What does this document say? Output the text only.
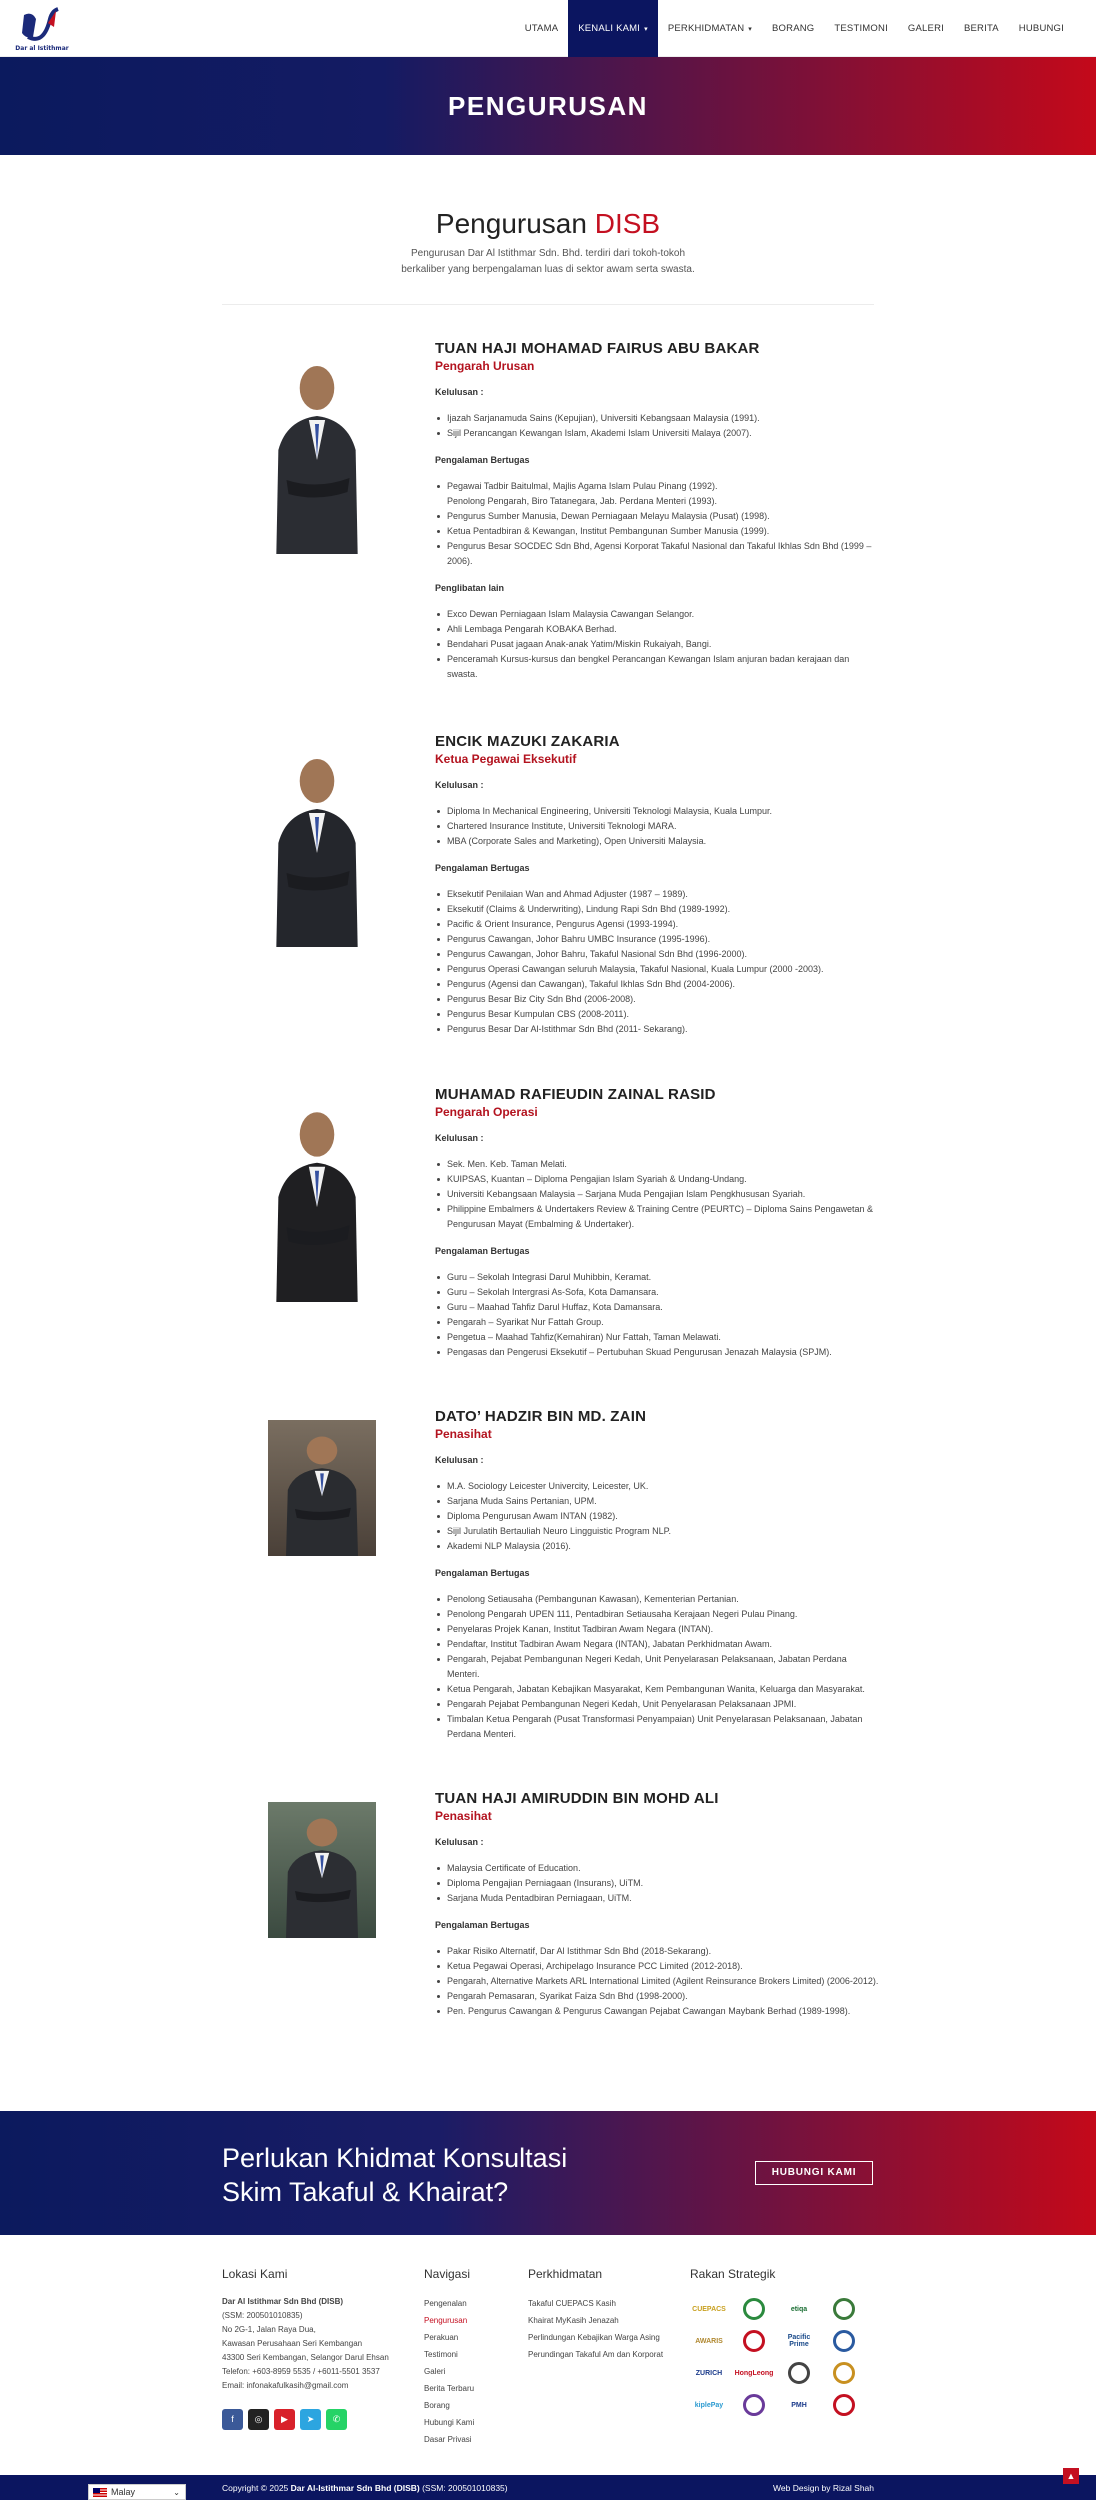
Dar al Istithmar
UTAMA KENALI KAMI ▾ PERKHIDMATAN ▾ BORANG TESTIMONI GALERI BERITA HUBUNGI
PENGURUSAN
Pengurusan DISB
Pengurusan Dar Al Istithmar Sdn. Bhd. terdiri dari tokoh-tokoh berkaliber yang berpengalaman luas di sektor awam serta swasta.
TUAN HAJI MOHAMAD FAIRUS ABU BAKAR
Pengarah Urusan
Kelulusan :
Ijazah Sarjanamuda Sains (Kepujian), Universiti Kebangsaan Malaysia (1991).
Sijil Perancangan Kewangan Islam, Akademi Islam Universiti Malaya (2007).
Pengalaman Bertugas
Pegawai Tadbir Baitulmal, Majlis Agama Islam Pulau Pinang (1992).
Penolong Pengarah, Biro Tatanegara, Jab. Perdana Menteri (1993).
Pengurus Sumber Manusia, Dewan Perniagaan Melayu Malaysia (Pusat) (1998).
Ketua Pentadbiran & Kewangan, Institut Pembangunan Sumber Manusia (1999).
Pengurus Besar SOCDEC Sdn Bhd, Agensi Korporat Takaful Nasional dan Takaful Ikhlas Sdn Bhd (1999 – 2006).
Penglibatan lain
Exco Dewan Perniagaan Islam Malaysia Cawangan Selangor.
Ahli Lembaga Pengarah KOBAKA Berhad.
Bendahari Pusat jagaan Anak-anak Yatim/Miskin Rukaiyah, Bangi.
Penceramah Kursus-kursus dan bengkel Perancangan Kewangan Islam anjuran badan kerajaan dan swasta.
ENCIK MAZUKI ZAKARIA
Ketua Pegawai Eksekutif
Kelulusan :
Diploma In Mechanical Engineering, Universiti Teknologi Malaysia, Kuala Lumpur.
Chartered Insurance Institute, Universiti Teknologi MARA.
MBA (Corporate Sales and Marketing), Open Universiti Malaysia.
Pengalaman Bertugas
Eksekutif Penilaian Wan and Ahmad Adjuster (1987 – 1989).
Eksekutif (Claims & Underwriting), Lindung Rapi Sdn Bhd (1989-1992).
Pacific & Orient Insurance, Pengurus Agensi (1993-1994).
Pengurus Cawangan, Johor Bahru UMBC Insurance (1995-1996).
Pengurus Cawangan, Johor Bahru, Takaful Nasional Sdn Bhd (1996-2000).
Pengurus Operasi Cawangan seluruh Malaysia, Takaful Nasional, Kuala Lumpur (2000 -2003).
Pengurus (Agensi dan Cawangan), Takaful Ikhlas Sdn Bhd (2004-2006).
Pengurus Besar Biz City Sdn Bhd (2006-2008).
Pengurus Besar Kumpulan CBS (2008-2011).
Pengurus Besar Dar Al-Istithmar Sdn Bhd (2011- Sekarang).
MUHAMAD RAFIEUDIN ZAINAL RASID
Pengarah Operasi
Kelulusan :
Sek. Men. Keb. Taman Melati.
KUIPSAS, Kuantan – Diploma Pengajian Islam Syariah & Undang-Undang.
Universiti Kebangsaan Malaysia – Sarjana Muda Pengajian Islam Pengkhususan Syariah.
Philippine Embalmers & Undertakers Review & Training Centre (PEURTC) – Diploma Sains Pengawetan & Pengurusan Mayat (Embalming & Undertaker).
Pengalaman Bertugas
Guru – Sekolah Integrasi Darul Muhibbin, Keramat.
Guru – Sekolah Intergrasi As-Sofa, Kota Damansara.
Guru – Maahad Tahfiz Darul Huffaz, Kota Damansara.
Pengarah – Syarikat Nur Fattah Group.
Pengetua – Maahad Tahfiz(Kemahiran) Nur Fattah, Taman Melawati.
Pengasas dan Pengerusi Eksekutif – Pertubuhan Skuad Pengurusan Jenazah Malaysia (SPJM).
DATO’ HADZIR BIN MD. ZAIN
Penasihat
Kelulusan :
M.A. Sociology Leicester Univercity, Leicester, UK.
Sarjana Muda Sains Pertanian, UPM.
Diploma Pengurusan Awam INTAN (1982).
Sijil Jurulatih Bertauliah Neuro Lingguistic Program NLP.
Akademi NLP Malaysia (2016).
Pengalaman Bertugas
Penolong Setiausaha (Pembangunan Kawasan), Kementerian Pertanian.
Penolong Pengarah UPEN 111, Pentadbiran Setiausaha Kerajaan Negeri Pulau Pinang.
Penyelaras Projek Kanan, Institut Tadbiran Awam Negara (INTAN).
Pendaftar, Institut Tadbiran Awam Negara (INTAN), Jabatan Perkhidmatan Awam.
Pengarah, Pejabat Pembangunan Negeri Kedah, Unit Penyelarasan Pelaksanaan, Jabatan Perdana Menteri.
Ketua Pengarah, Jabatan Kebajikan Masyarakat, Kem Pembangunan Wanita, Keluarga dan Masyarakat.
Pengarah Pejabat Pembangunan Negeri Kedah, Unit Penyelarasan Pelaksanaan JPMI.
Timbalan Ketua Pengarah (Pusat Transformasi Penyampaian) Unit Penyelarasan Pelaksanaan, Jabatan Perdana Menteri.
TUAN HAJI AMIRUDDIN BIN MOHD ALI
Penasihat
Kelulusan :
Malaysia Certificate of Education.
Diploma Pengajian Perniagaan (Insurans), UiTM.
Sarjana Muda Pentadbiran Perniagaan, UiTM.
Pengalaman Bertugas
Pakar Risiko Alternatif, Dar Al Istithmar Sdn Bhd (2018-Sekarang).
Ketua Pegawai Operasi, Archipelago Insurance PCC Limited (2012-2018).
Pengarah, Alternative Markets ARL International Limited (Agilent Reinsurance Brokers Limited) (2006-2012).
Pengarah Pemasaran, Syarikat Faiza Sdn Bhd (1998-2000).
Pen. Pengurus Cawangan & Pengurus Cawangan Pejabat Cawangan Maybank Berhad (1989-1998).
Perlukan Khidmat Konsultasi
Skim Takaful & Khairat?
HUBUNGI KAMI
Lokasi Kami
Dar Al Istithmar Sdn Bhd (DISB)
(SSM: 200501010835)
No 2G-1, Jalan Raya Dua,
Kawasan Perusahaan Seri Kembangan
43300 Seri Kembangan, Selangor Darul Ehsan
Telefon: +603-8959 5535 / +6011-5501 3537
Email: infonakafulkasih@gmail.com
f	◎	▶	➤	✆
Navigasi
Pengenalan
Pengurusan
Perakuan
Testimoni
Galeri
Berita Terbaru
Borang
Hubungi Kami
Dasar Privasi
Perkhidmatan
Takaful CUEPACS Kasih
Khairat MyKasih Jenazah
Perlindungan Kebajikan Warga Asing
Perundingan Takaful Am dan Korporat
Rakan Strategik
CUEPACS	etiqa
AWARIS	Pacific Prime
ZURICH	HongLeong
kiplePay	PMH
Copyright © 2025 Dar Al-Istithmar Sdn Bhd (DISB) (SSM: 200501010835)	Web Design by Rizal Shah
Malay	⌄
▲
